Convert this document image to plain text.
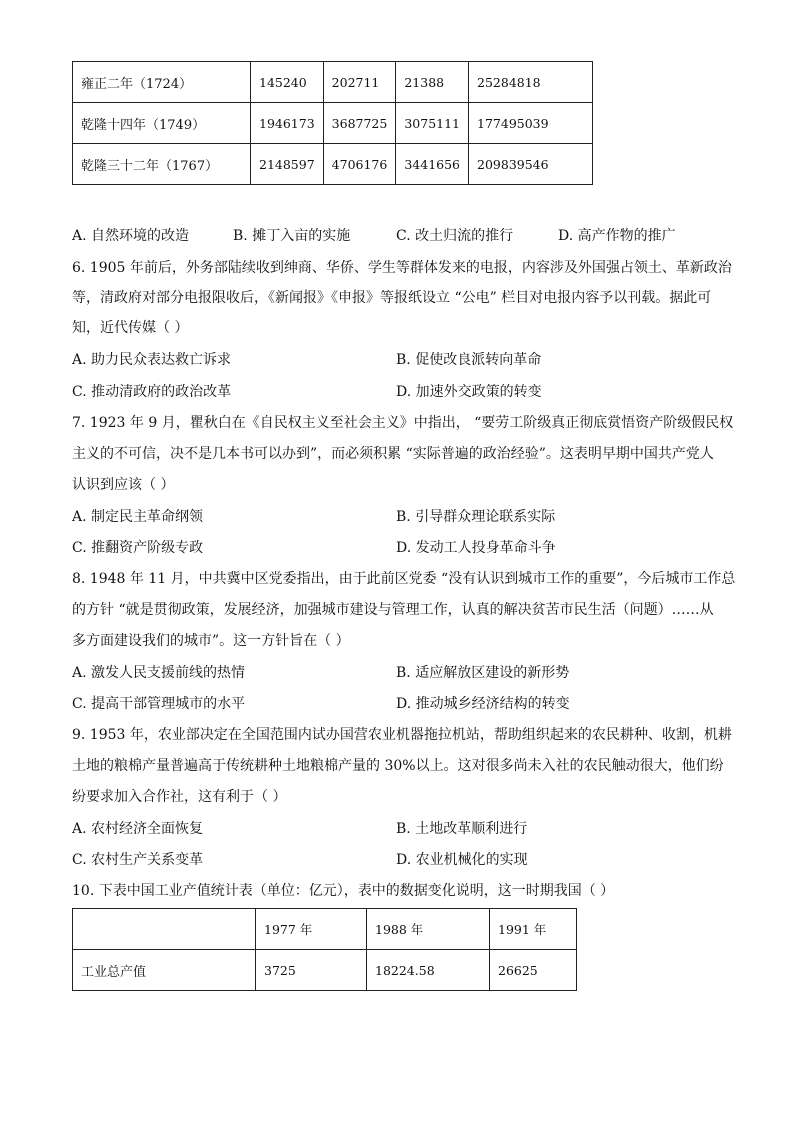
雍正二年（1724）	145240	202711	21388	25284818
乾隆十四年（1749）	1946173	3687725	3075111	177495039
乾隆三十二年（1767）	2148597	4706176	3441656	209839546
A. 自然环境的改造	B. 摊丁入亩的实施	C. 改土归流的推行	D. 高产作物的推广
6. 1905 年前后，外务部陆续收到绅商、华侨、学生等群体发来的电报，内容涉及外国强占领土、革新政治
等，清政府对部分电报限收后，《新闻报》《申报》等报纸设立 “公电” 栏目对电报内容予以刊载。据此可
知，近代传媒（ ）
A. 助力民众表达救亡诉求	B. 促使改良派转向革命
C. 推动清政府的政治改革	D. 加速外交政策的转变
7. 1923 年 9 月，瞿秋白在《自民权主义至社会主义》中指出， “要劳工阶级真正彻底赏悟资产阶级假民权
主义的不可信，决不是几本书可以办到”，而必须积累 “实际普遍的政治经验”。这表明早期中国共产党人
认识到应该（ ）
A. 制定民主革命纲领	B. 引导群众理论联系实际
C. 推翻资产阶级专政	D. 发动工人投身革命斗争
8. 1948 年 11 月，中共冀中区党委指出，由于此前区党委 “没有认识到城市工作的重要”，今后城市工作总
的方针 “就是贯彻政策，发展经济，加强城市建设与管理工作，认真的解决贫苦市民生活（问题）……从
多方面建设我们的城市”。这一方针旨在（ ）
A. 激发人民支援前线的热情	B. 适应解放区建设的新形势
C. 提高干部管理城市的水平	D. 推动城乡经济结构的转变
9. 1953 年，农业部决定在全国范围内试办国营农业机器拖拉机站，帮助组织起来的农民耕种、收割，机耕
土地的粮棉产量普遍高于传统耕种土地粮棉产量的 30%以上。这对很多尚未入社的农民触动很大，他们纷
纷要求加入合作社，这有利于（ ）
A. 农村经济全面恢复	B. 土地改革顺利进行
C. 农村生产关系变革	D. 农业机械化的实现
10. 下表中国工业产值统计表（单位：亿元），表中的数据变化说明，这一时期我国（ ）
	1977 年	1988 年	1991 年
工业总产值	3725	18224.58	26625
